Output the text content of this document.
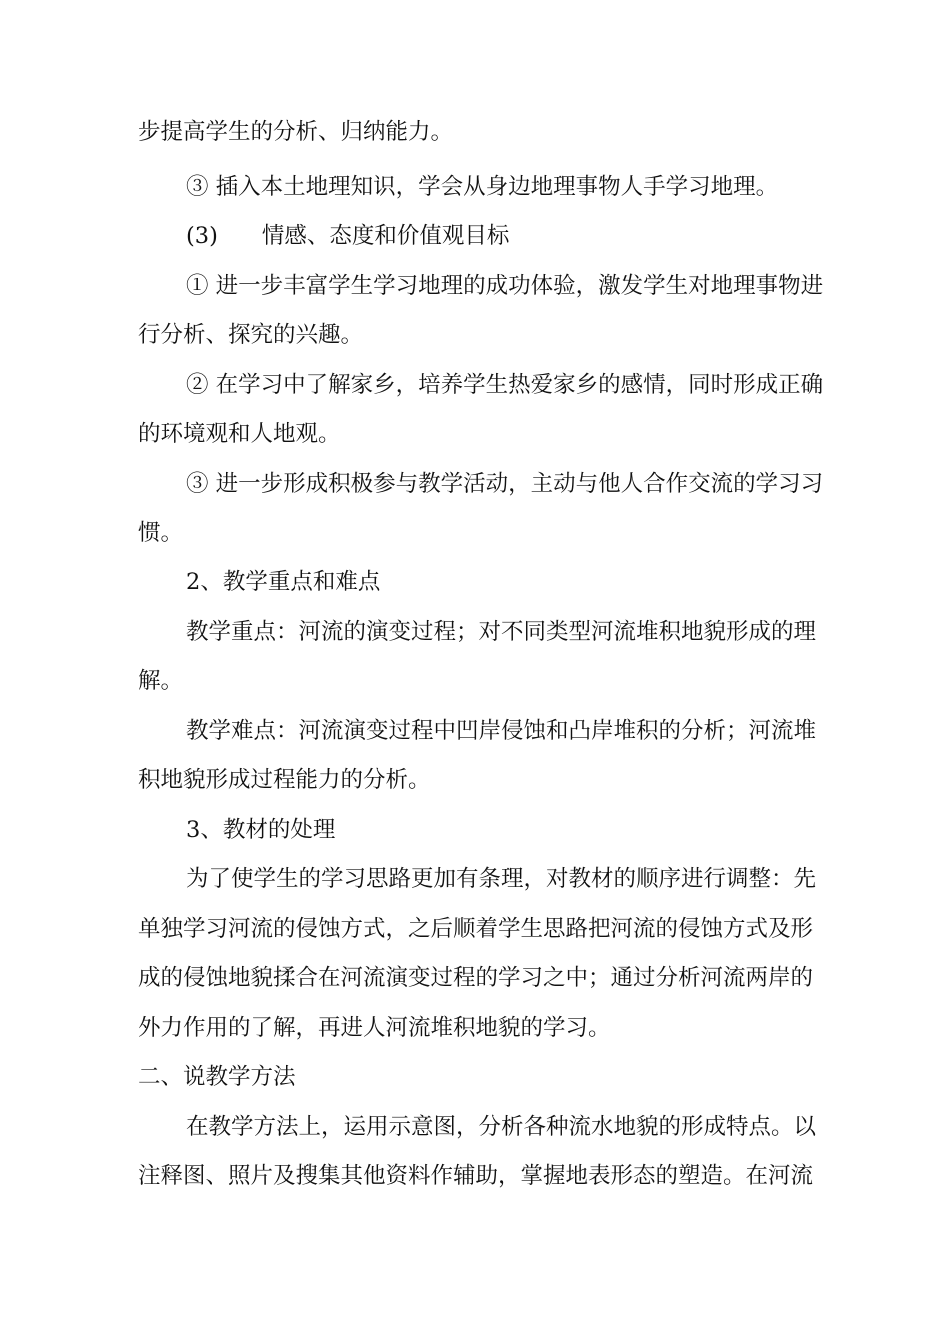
步提高学生的分析、归纳能力。
③ 插入本土地理知识，学会从身边地理事物人手学习地理。
(3) 情感、态度和价值观目标
① 进一步丰富学生学习地理的成功体验，激发学生对地理事物进
行分析、探究的兴趣。
② 在学习中了解家乡，培养学生热爱家乡的感情，同时形成正确
的环境观和人地观。
③ 进一步形成积极参与教学活动，主动与他人合作交流的学习习
惯。
2、教学重点和难点
教学重点：河流的演变过程；对不同类型河流堆积地貌形成的理
解。
教学难点：河流演变过程中凹岸侵蚀和凸岸堆积的分析；河流堆
积地貌形成过程能力的分析。
3、教材的处理
为了使学生的学习思路更加有条理，对教材的顺序进行调整：先
单独学习河流的侵蚀方式，之后顺着学生思路把河流的侵蚀方式及形
成的侵蚀地貌揉合在河流演变过程的学习之中；通过分析河流两岸的
外力作用的了解，再进人河流堆积地貌的学习。
二、说教学方法
在教学方法上，运用示意图，分析各种流水地貌的形成特点。以
注释图、照片及搜集其他资料作辅助，掌握地表形态的塑造。在河流
